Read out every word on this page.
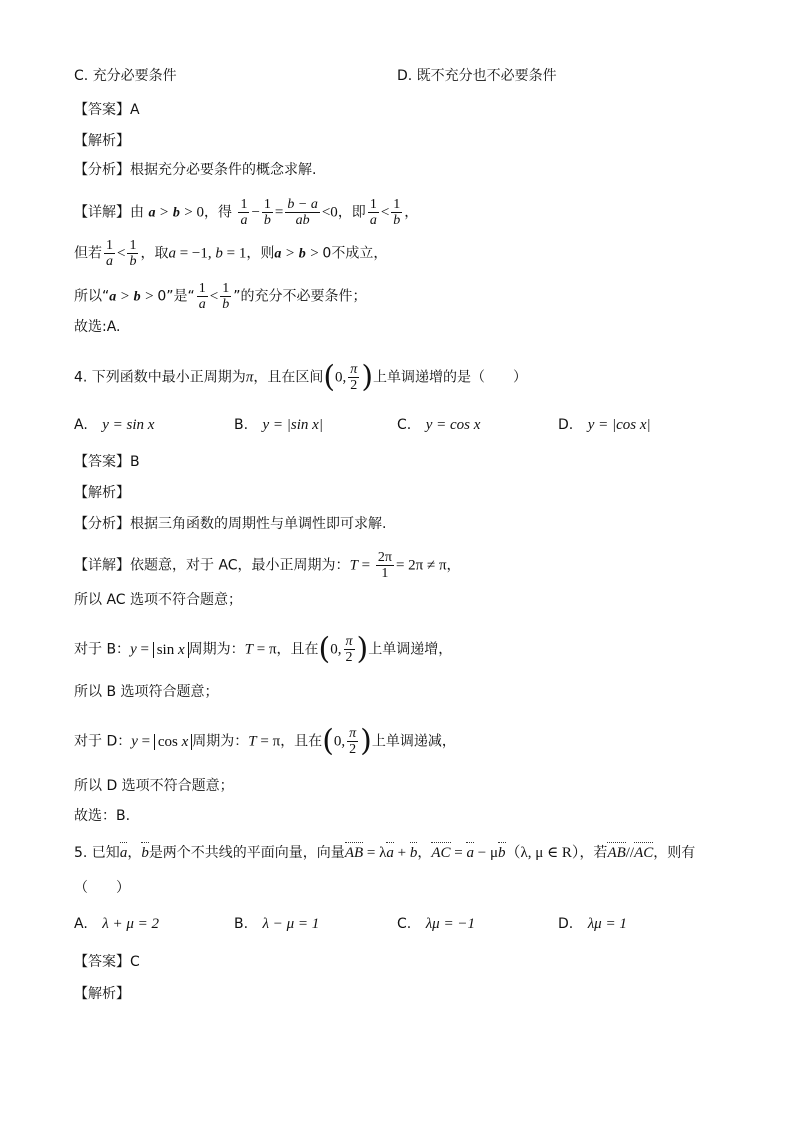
C. 充分必要条件	D. 既不充分也不必要条件
【答案】A
【解析】
【分析】根据充分必要条件的概念求解.
【详解】由 a > b > 0，得 $\frac{1}{a} - \frac{1}{b} = \frac{b - a}{ab} <0$，即 $\frac{1}{a} < \frac{1}{b}$ ，
但若 $\frac{1}{a} < \frac{1}{b}$ ，取a = −1, b = 1，则a > b > 0不成立，
所以“a > b > 0”是“ $\frac{1}{a} < \frac{1}{b}$ ”的充分不必要条件；
故选:A.
4. 下列函数中最小正周期为π，且在区间(0, $\frac{\pi}{2}$ )上单调递增的是（　　）
A. y = sin x	B. y = |sin x|	C. y = cos x	D. y = |cos x|
【答案】B
【解析】
【分析】根据三角函数的周期性与单调性即可求解.
【详解】依题意，对于 AC，最小正周期为：$T = \frac{2\pi}{1} = 2\pi \ne \pi$，
所以 AC 选项不符合题意；
对于 B：y = sin x 周期为：T = π，且在(0, $\frac{\pi}{2}$ )上单调递增，
所以 B 选项符合题意；
对于 D：y = cos x 周期为：T = π，且在(0, $\frac{\pi}{2}$ )上单调递减，
所以 D 选项不符合题意；
故选：B.
5. 已知a，b是两个不共线的平面向量，向量AB = λa + b，AC = a − μb（λ, μ ∈ R），若AB//AC，则有
（　　）
A. λ + μ = 2	B. λ − μ = 1	C. λμ = −1	D. λμ = 1
【答案】C
【解析】
